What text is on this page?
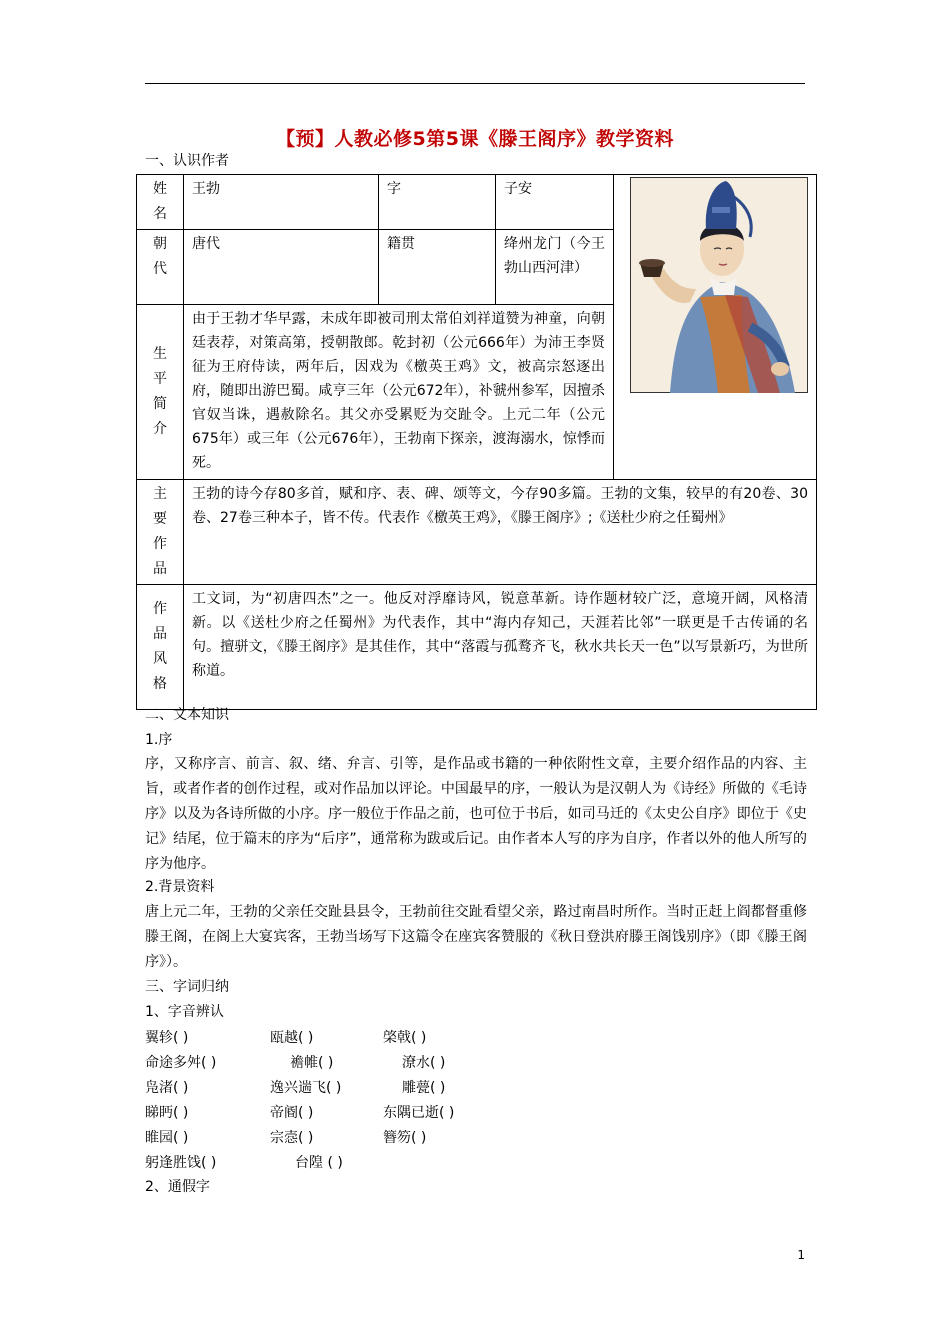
【预】人教必修5第5课《滕王阁序》教学资料
一、认识作者
姓
名	王勃	字	子安	

朝
代	唐代	籍贯	绛州龙门（今王勃山西河津）	

生
平
简
介	由于王勃才华早露，未成年即被司刑太常伯刘祥道赞为神童，向朝廷表荐，对策高第，授朝散郎。乾封初（公元666年）为沛王李贤征为王府侍读，两年后，因戏为《檄英王鸡》文，被高宗怒逐出府，随即出游巴蜀。咸亨三年（公元672年），补虢州参军，因擅杀官奴当诛，遇赦除名。其父亦受累贬为交趾令。上元二年（公元675年）或三年（公元676年），王勃南下探亲，渡海溺水，惊悸而死。			

主
要
作
品	王勃的诗今存80多首，赋和序、表、碑、颂等文，今存90多篇。王勃的文集，较早的有20卷、30卷、27卷三种本子，皆不传。代表作《檄英王鸡》，《滕王阁序》;《送杜少府之任蜀州》			

作
品
风
格	工文词，为“初唐四杰”之一。他反对浮靡诗风，锐意革新。诗作题材较广泛，意境开阔，风格清新。以《送杜少府之任蜀州》为代表作，其中“海内存知己，天涯若比邻”一联更是千古传诵的名句。擅骈文，《滕王阁序》是其佳作，其中“落霞与孤鹜齐飞，秋水共长天一色”以写景新巧，为世所称道。			
二、文本知识
1.序
序，又称序言、前言、叙、绪、弁言、引等，是作品或书籍的一种依附性文章，主要介绍作品的内容、主旨，或者作者的创作过程，或对作品加以评论。中国最早的序，一般认为是汉朝人为《诗经》所做的《毛诗序》以及为各诗所做的小序。序一般位于作品之前，也可位于书后，如司马迁的《太史公自序》即位于《史记》结尾，位于篇末的序为“后序”，通常称为跋或后记。由作者本人写的序为自序，作者以外的他人所写的序为他序。
2.背景资料
唐上元二年，王勃的父亲任交趾县县令，王勃前往交趾看望父亲，路过南昌时所作。当时正赶上阎都督重修滕王阁，在阁上大宴宾客，王勃当场写下这篇令在座宾客赞服的《秋日登洪府滕王阁饯别序》（即《滕王阁序》）。
三、字词归纳
1、字音辨认
翼轸( )	瓯越( )	棨戟( )
命途多舛( )	襜帷( )	潦水( )
凫渚( )	逸兴遄飞( )	雕甍( )
睇眄( )	帝阍( )	东隅已逝( )
睢园( )	宗悫( )	簪笏( )
躬逢胜饯( )	台隍 ( )
2、通假字
1
